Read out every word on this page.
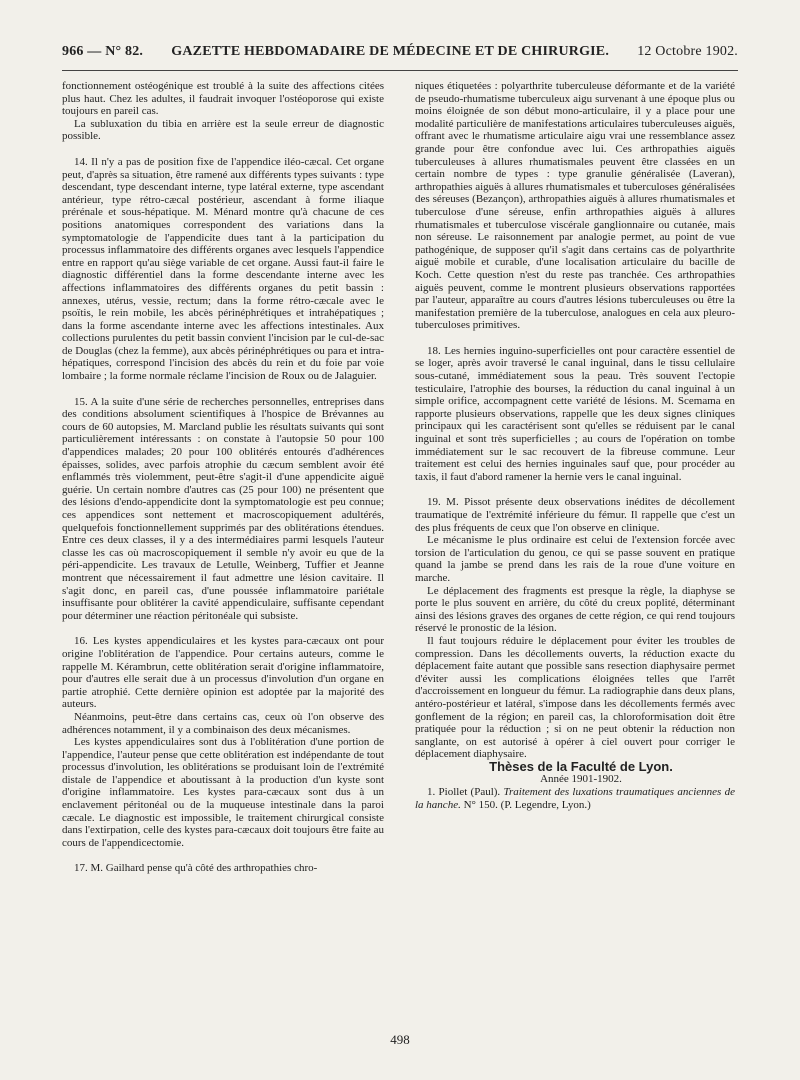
966 — N° 82. GAZETTE HEBDOMADAIRE DE MÉDECINE ET DE CHIRURGIE. 12 Octobre 1902.

fonctionnement ostéogénique est troublé à la suite des affections citées plus haut. Chez les adultes, il faudrait invoquer l'ostéoporose qui existe toujours en pareil cas.

La subluxation du tibia en arrière est la seule erreur de diagnostic possible.

14. Il n'y a pas de position fixe de l'appendice iléo-cæcal. Cet organe peut, d'après sa situation, être ramené aux différents types suivants : type descendant, type descendant interne, type latéral externe, type ascendant antérieur, type rétro-cæcal postérieur, ascendant à forme iliaque prérénale et sous-hépatique. M. Ménard montre qu'à chacune de ces positions anatomiques correspondent des variations dans la symptomatologie de l'appendicite dues tant à la participation du processus inflammatoire des différents organes avec lesquels l'appendice entre en rapport qu'au siège variable de cet organe. Aussi faut-il faire le diagnostic différentiel dans la forme descendante interne avec les affections inflammatoires des différents organes du petit bassin : annexes, utérus, vessie, rectum; dans la forme rétro-cæcale avec le psoïtis, le rein mobile, les abcès périnéphrétiques et intrahépatiques ; dans la forme ascendante interne avec les affections intestinales. Aux collections purulentes du petit bassin convient l'incision par le cul-de-sac de Douglas (chez la femme), aux abcès périnéphrétiques ou para et intra-hépatiques, correspond l'incision des abcès du rein et du foie par voie lombaire ; la forme normale réclame l'incision de Roux ou de Jalaguier.

15. A la suite d'une série de recherches personnelles, entreprises dans des conditions absolument scientifiques à l'hospice de Brévannes au cours de 60 autopsies, M. Marcland publie les résultats suivants qui sont particulièrement intéressants : on constate à l'autopsie 50 pour 100 d'appendices malades; 20 pour 100 oblitérés entourés d'adhérences épaisses, solides, avec parfois atrophie du cæcum semblent avoir été enflammés très violemment, peut-être s'agit-il d'une appendicite aiguë guérie. Un certain nombre d'autres cas (25 pour 100) ne présentent que des lésions d'endo-appendicite dont la symptomatologie est peu connue; ces appendices sont nettement et macroscopiquement adultérés, quelquefois fonctionnellement supprimés par des oblitérations étendues. Entre ces deux classes, il y a des intermédiaires parmi lesquels l'auteur classe les cas où macroscopiquement il semble n'y avoir eu que de la péri-appendicite. Les travaux de Letulle, Weinberg, Tuffier et Jeanne montrent que nécessairement il faut admettre une lésion cavitaire. Il s'agit donc, en pareil cas, d'une poussée inflammatoire pariétale insuffisante pour oblitérer la cavité appendiculaire, suffisante cependant pour déterminer une réaction péritonéale qui subsiste.

16. Les kystes appendiculaires et les kystes para-cæcaux ont pour origine l'oblitération de l'appendice. Pour certains auteurs, comme le rappelle M. Kérambrun, cette oblitération serait d'origine inflammatoire, pour d'autres elle serait due à un processus d'involution d'un organe en partie atrophié. Cette dernière opinion est adoptée par la majorité des auteurs.

Néanmoins, peut-être dans certains cas, ceux où l'on observe des adhérences notamment, il y a combinaison des deux mécanismes.

Les kystes appendiculaires sont dus à l'oblitération d'une portion de l'appendice, l'auteur pense que cette oblitération est indépendante de tout processus d'involution, les oblitérations se produisant loin de l'extrémité distale de l'appendice et aboutissant à la production d'un kyste sont d'origine inflammatoire. Les kystes para-cæcaux sont dus à un enclavement péritonéal ou de la muqueuse intestinale dans la paroi cæcale. Le diagnostic est impossible, le traitement chirurgical consiste dans l'extirpation, celle des kystes para-cæcaux doit toujours être faite au cours de l'appendicectomie.

17. M. Gailhard pense qu'à côté des arthropathies chro-

niques étiquetées : polyarthrite tuberculeuse déformante et de la variété de pseudo-rhumatisme tuberculeux aigu survenant à une époque plus ou moins éloignée de son début mono-articulaire, il y a place pour une modalité particulière de manifestations articulaires tuberculeuses aiguës, offrant avec le rhumatisme articulaire aigu vrai une ressemblance assez grande pour être confondue avec lui. Ces arthropathies aiguës tuberculeuses à allures rhumatismales peuvent être classées en un certain nombre de types : type granulie généralisée (Laveran), arthropathies aiguës à allures rhumatismales et tuberculoses généralisées des séreuses (Bezançon), arthropathies aiguës à allures rhumatismales et tuberculose d'une séreuse, enfin arthropathies aiguës à allures rhumatismales et tuberculose viscérale ganglionnaire ou cutanée, mais non séreuse. Le raisonnement par analogie permet, au point de vue pathogénique, de supposer qu'il s'agit dans certains cas de polyarthrite aiguë mobile et curable, d'une localisation articulaire du bacille de Koch. Cette question n'est du reste pas tranchée. Ces arthropathies aiguës peuvent, comme le montrent plusieurs observations rapportées par l'auteur, apparaître au cours d'autres lésions tuberculeuses ou être la manifestation première de la tuberculose, analogues en cela aux pleuro-tuberculoses primitives.

18. Les hernies inguino-superficielles ont pour caractère essentiel de se loger, après avoir traversé le canal inguinal, dans le tissu cellulaire sous-cutané, immédiatement sous la peau. Très souvent l'ectopie testiculaire, l'atrophie des bourses, la réduction du canal inguinal à un simple orifice, accompagnent cette variété de lésions. M. Scemama en rapporte plusieurs observations, rappelle que les deux signes cliniques principaux qui les caractérisent sont qu'elles se réduisent par le canal inguinal et sont très superficielles ; au cours de l'opération on tombe immédiatement sur le sac recouvert de la fibreuse commune. Leur traitement est celui des hernies inguinales sauf que, pour procéder au taxis, il faut d'abord ramener la hernie vers le canal inguinal.

19. M. Pissot présente deux observations inédites de décollement traumatique de l'extrémité inférieure du fémur. Il rappelle que c'est un des plus fréquents de ceux que l'on observe en clinique.

Le mécanisme le plus ordinaire est celui de l'extension forcée avec torsion de l'articulation du genou, ce qui se passe souvent en pratique quand la jambe se prend dans les rais de la roue d'une voiture en marche.

Le déplacement des fragments est presque la règle, la diaphyse se porte le plus souvent en arrière, du côté du creux poplité, déterminant ainsi des lésions graves des organes de cette région, ce qui rend toujours réservé le pronostic de la lésion.

Il faut toujours réduire le déplacement pour éviter les troubles de compression. Dans les décollements ouverts, la réduction exacte du déplacement faite autant que possible sans resection diaphysaire permet d'éviter aussi les complications éloignées telles que l'arrêt d'accroissement en longueur du fémur. La radiographie dans deux plans, antéro-postérieur et latéral, s'impose dans les décollements fermés avec gonflement de la région; en pareil cas, la chloroformisation doit être pratiquée pour la réduction ; si on ne peut obtenir la réduction non sanglante, on est autorisé à opérer à ciel ouvert pour corriger le déplacement diaphysaire.

Thèses de la Faculté de Lyon.

Année 1901-1902.

1. Piollet (Paul). Traitement des luxations traumatiques anciennes de la hanche. N° 150. (P. Legendre, Lyon.)

498
